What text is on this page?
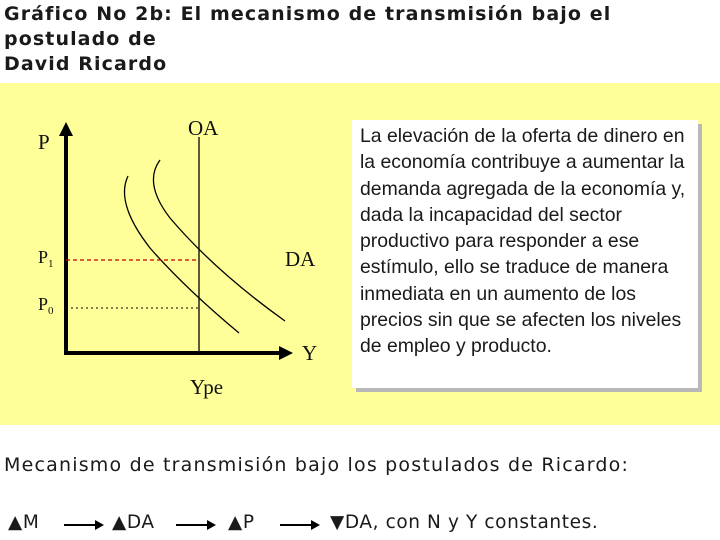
Gráfico No 2b: El mecanismo de transmisión bajo el postulado de
David Ricardo
P
OA
DA
$P_1$
$P_0$
Y
Ype
La elevación de la oferta de dinero en
la economía contribuye a aumentar la
demanda agregada de la economía y,
dada la incapacidad del sector
productivo para responder a ese
estímulo, ello se traduce de manera
inmediata en un aumento de los
precios sin que se afecten los niveles
de empleo y producto.
Mecanismo de transmisión bajo los postulados de Ricardo:
▲M	▲DA	▲P	▼DA, con N y Y constantes.
